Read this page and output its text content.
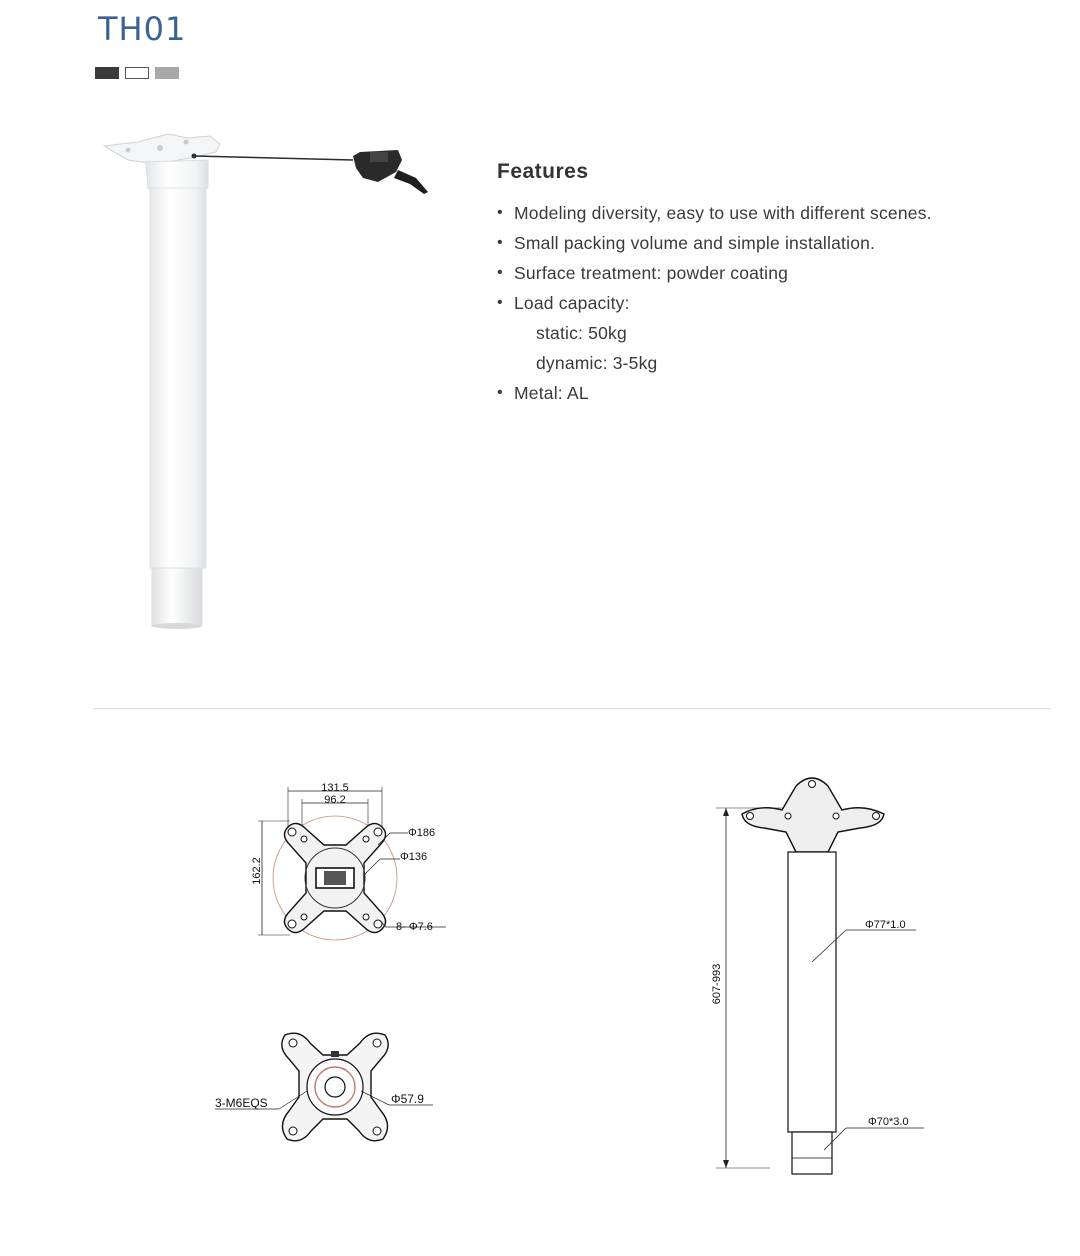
TH01
Features
• Modeling diversity, easy to use with different scenes.
• Small packing volume and simple installation.
• Surface treatment: powder coating
• Load capacity:
static: 50kg
dynamic: 3-5kg
• Metal: AL
131.5
96.2
162.2
Φ186
Φ136
8- Φ7.6
3-M6EQS	Φ57.9
607-993
Φ77*1.0
Φ70*3.0
